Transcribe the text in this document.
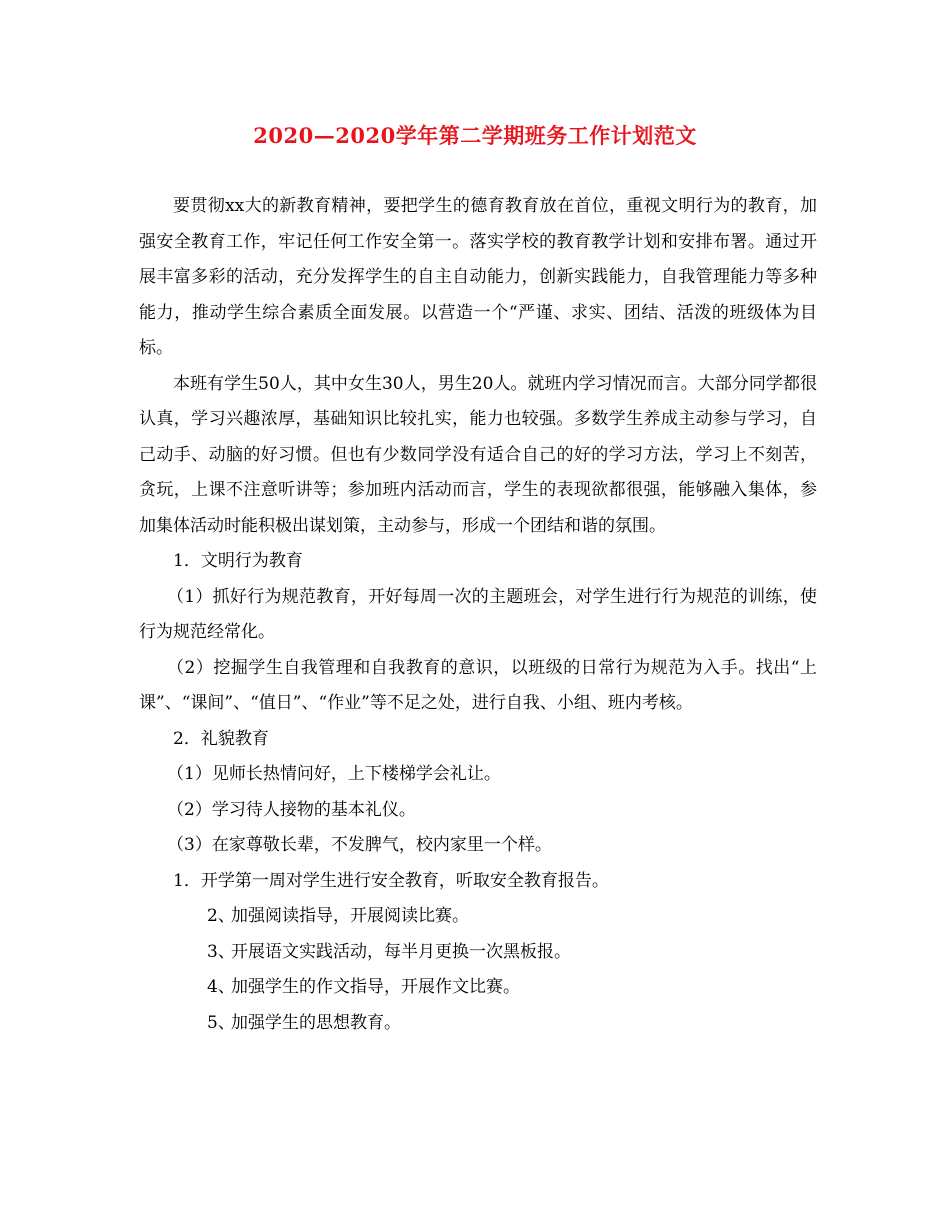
2020—2020学年第二学期班务工作计划范文

要贯彻xx大的新教育精神，要把学生的德育教育放在首位，重视文明行为的教育，加强安全教育工作，牢记任何工作安全第一。落实学校的教育教学计划和安排布署。通过开展丰富多彩的活动，充分发挥学生的自主自动能力，创新实践能力，自我管理能力等多种能力，推动学生综合素质全面发展。以营造一个“严谨、求实、团结、活泼的班级体为目标。

本班有学生50人，其中女生30人，男生20人。就班内学习情况而言。大部分同学都很认真，学习兴趣浓厚，基础知识比较扎实，能力也较强。多数学生养成主动参与学习，自己动手、动脑的好习惯。但也有少数同学没有适合自己的好的学习方法，学习上不刻苦，贪玩，上课不注意听讲等；参加班内活动而言，学生的表现欲都很强，能够融入集体，参加集体活动时能积极出谋划策，主动参与，形成一个团结和谐的氛围。

1．文明行为教育

（1）抓好行为规范教育，开好每周一次的主题班会，对学生进行行为规范的训练，使行为规范经常化。

（2）挖掘学生自我管理和自我教育的意识，以班级的日常行为规范为入手。找出“上课”、“课间”、“值日”、“作业”等不足之处，进行自我、小组、班内考核。

2．礼貌教育

（1）见师长热情问好，上下楼梯学会礼让。

（2）学习待人接物的基本礼仪。

（3）在家尊敬长辈，不发脾气，校内家里一个样。

1．开学第一周对学生进行安全教育，听取安全教育报告。

2、加强阅读指导，开展阅读比赛。

3、开展语文实践活动，每半月更换一次黑板报。

4、加强学生的作文指导，开展作文比赛。

5、加强学生的思想教育。
